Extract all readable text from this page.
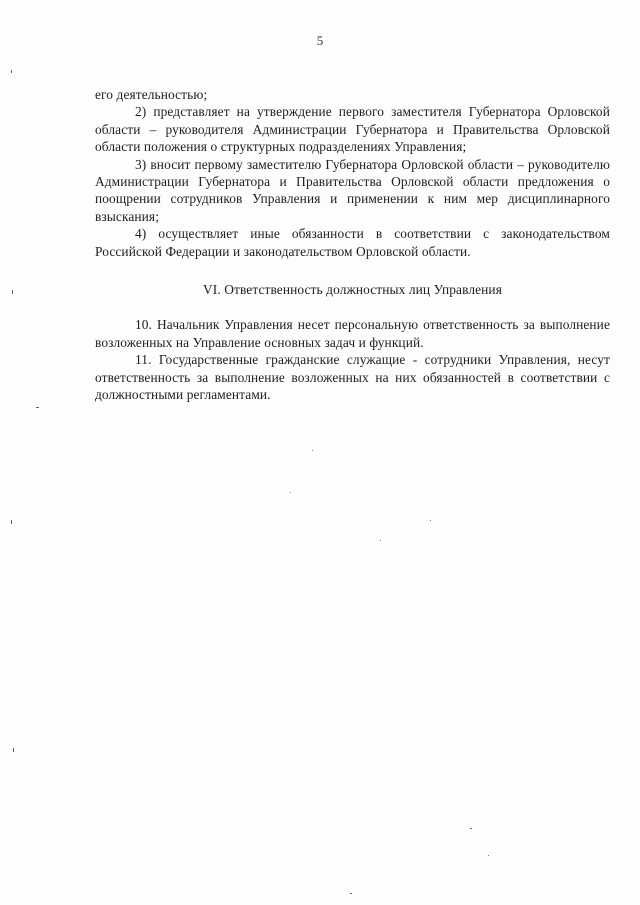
5

его деятельностью;

2) представляет на утверждение первого заместителя Губернатора Орловской области – руководителя Администрации Губернатора и Правительства Орловской области положения о структурных подразделениях Управления;

3) вносит первому заместителю Губернатора Орловской области – руководителю Администрации Губернатора и Правительства Орловской области предложения о поощрении сотрудников Управления и применении к ним мер дисциплинарного взыскания;

4) осуществляет иные обязанности в соответствии с законодательством Российской Федерации и законодательством Орловской области.

VI. Ответственность должностных лиц Управления

10. Начальник Управления несет персональную ответственность за выполнение возложенных на Управление основных задач и функций.

11. Государственные гражданские служащие - сотрудники Управления, несут ответственность за выполнение возложенных на них обязанностей в соответствии с должностными регламентами.
